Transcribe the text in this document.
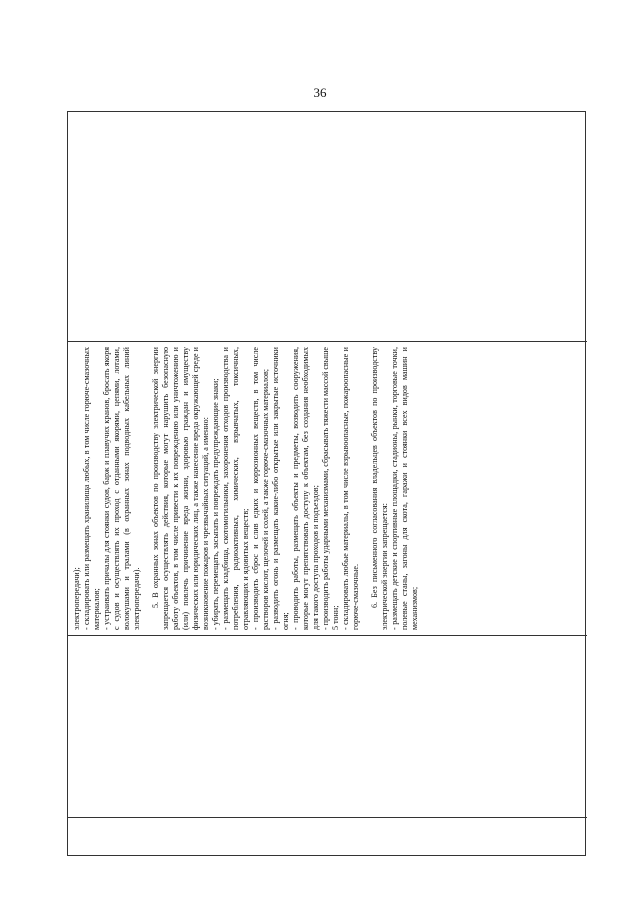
36
электропередачи); - складировать или размещать хранилища любых, в том числе горюче-смазочных материалов; - устраивать причалы для стоянки судов, барж и плавучих кранов, бросать якоря с судов и осуществлять их проход с отданными якорями, цепями, лотами, волокушами и тралами (в охранных зонах подводных кабельных линий электропередачи). 5. В охранных зонах объектов по производству электрической энергии запрещается осуществлять действия, которые могут нарушить безопасную работу объектов, в том числе привести к их повреждению или уничтожению и (или) повлечь причинение вреда жизни, здоровью граждан и имуществу физических или юридических лиц, а также нанесение вреда окружающей среде и возникновение пожаров и чрезвычайных ситуаций, а именно: - убирать, перемещать, засыпать и повреждать предупреждающие знаки; - размещать кладбища, скотомогильники, захоронения отходов производства и потребления, радиоактивных, химических, взрывчатых, токсичных, отравляющих и ядовитых веществ; - производить сброс и слив едких и коррозионных веществ, в том числе растворов кислот, щелочей и солей, а также горюче-смазочных материалов; - разводить огонь и размещать какие-либо открытые или закрытые источники огня; - проводить работы, размещать объекты и предметы, возводить сооружения, которые могут препятствовать доступу к объектам, без создания необходимых для такого доступа проходов и подъездов; - производить работы ударными механизмами, сбрасывать тяжести массой свыше 5 тонн; - складировать любые материалы, в том числе взрывоопасные, пожароопасные и горюче-смазочные. 6. Без письменного согласования владельцев объектов по производству электрической энергии запрещается: - размещать детские и спортивные площадки, стадионы, рынки, торговые точки, полевые станы, загоны для скота, гаражи и стоянки всех видов машин и механизмов;
